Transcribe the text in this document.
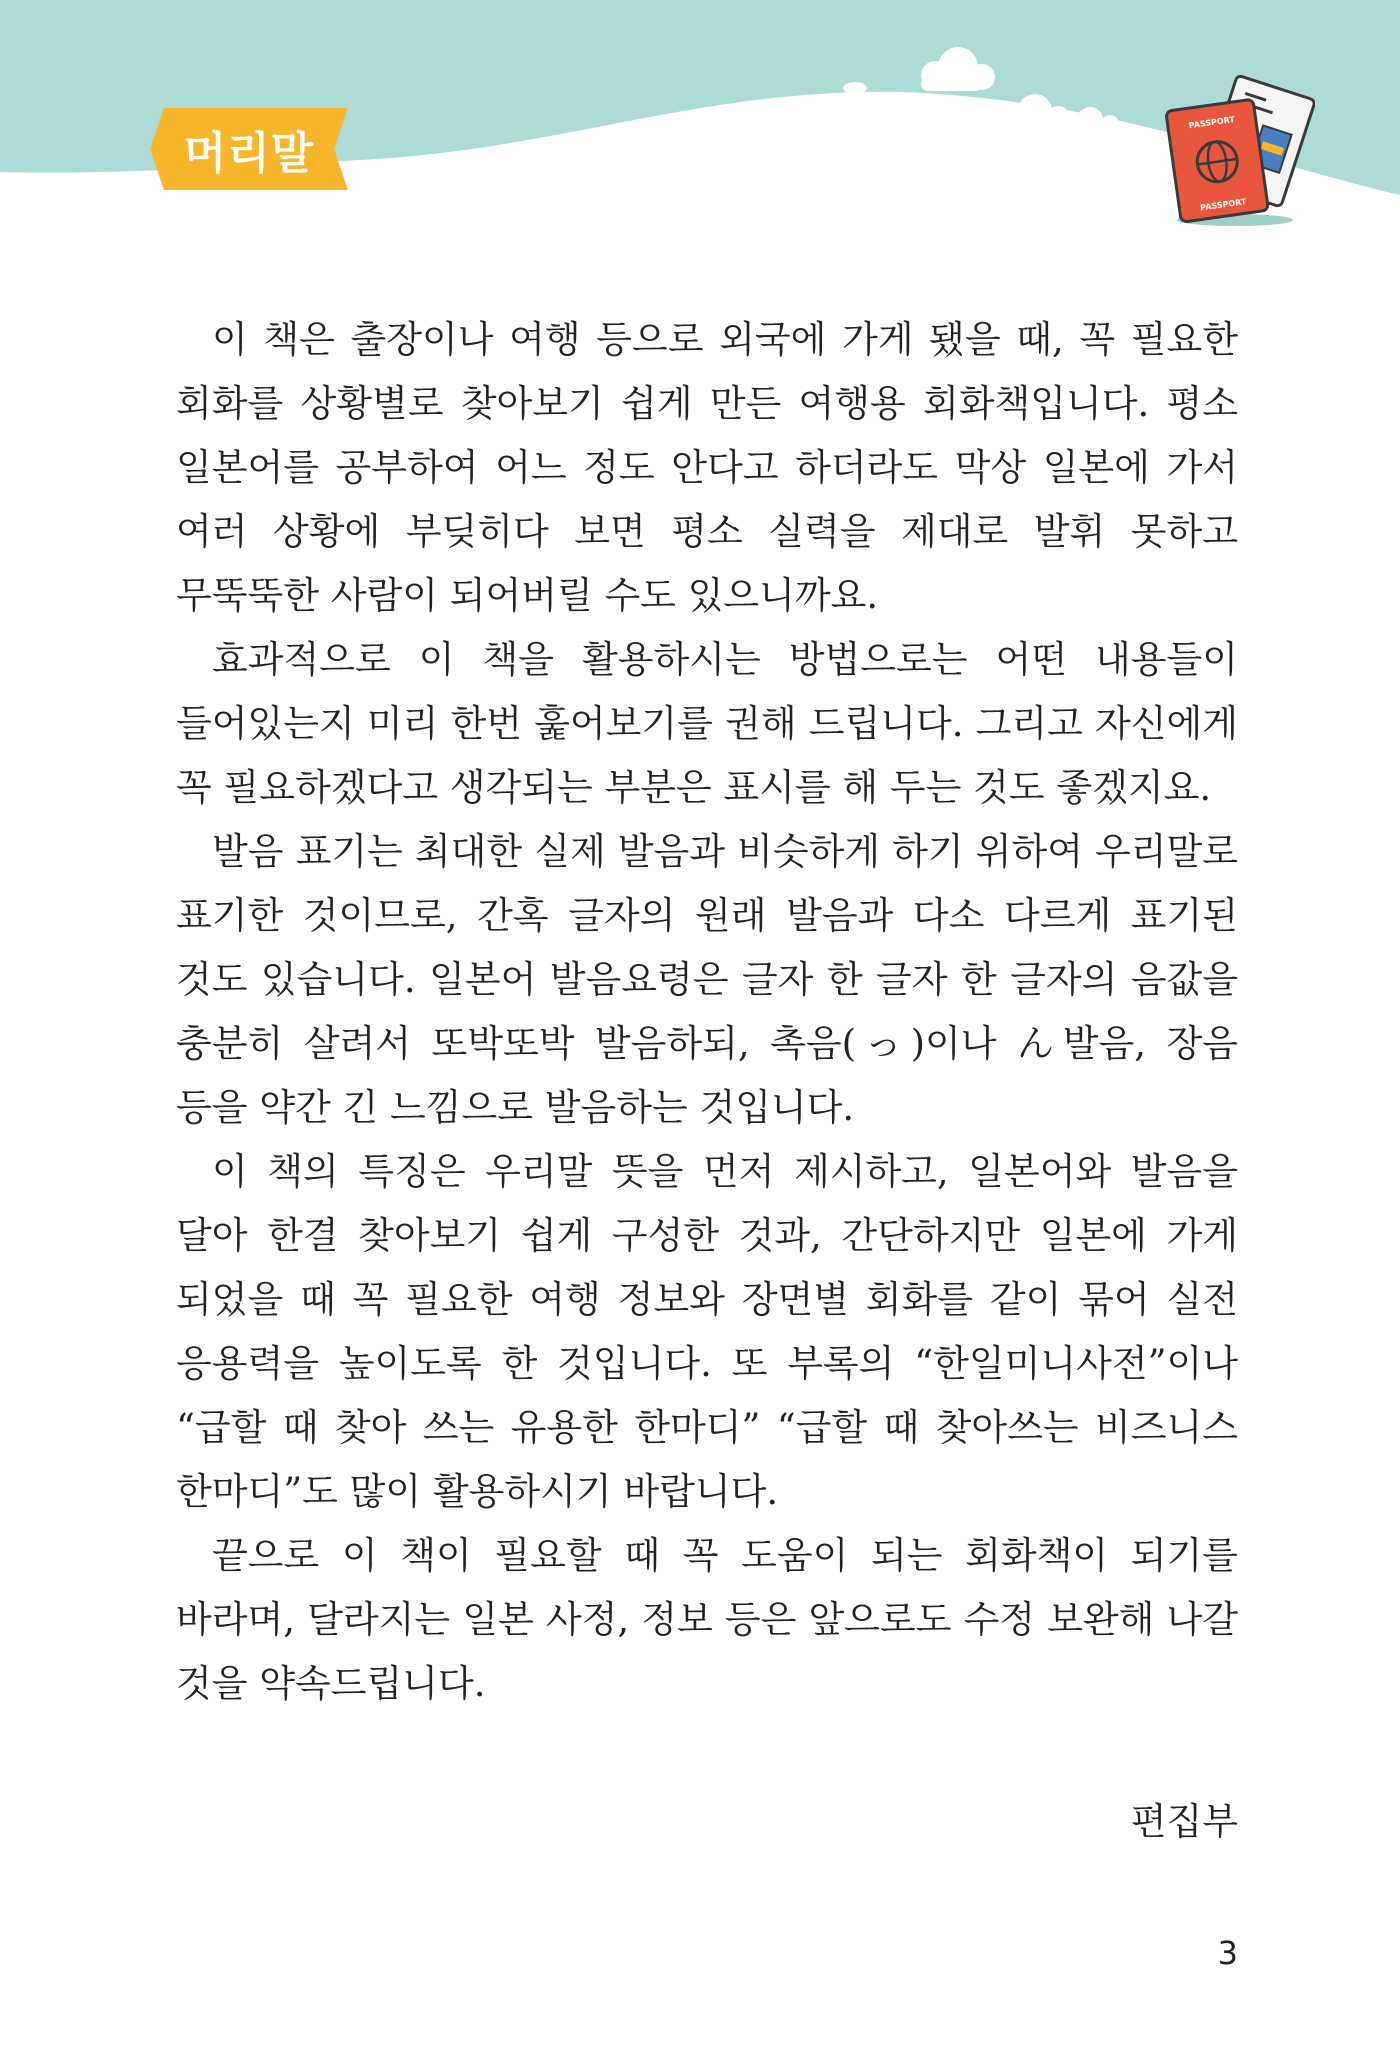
머리말
PASSPORT
PASSPORT

이 책은 출장이나 여행 등으로 외국에 가게 됐을 때, 꼭 필요한 회화를 상황별로 찾아보기 쉽게 만든 여행용 회화책입니다. 평소 일본어를 공부하여 어느 정도 안다고 하더라도 막상 일본에 가서 여러 상황에 부딪히다 보면 평소 실력을 제대로 발휘 못하고 무뚝뚝한 사람이 되어버릴 수도 있으니까요.

효과적으로 이 책을 활용하시는 방법으로는 어떤 내용들이 들어있는지 미리 한번 훑어보기를 권해 드립니다. 그리고 자신에게 꼭 필요하겠다고 생각되는 부분은 표시를 해 두는 것도 좋겠지요.

발음 표기는 최대한 실제 발음과 비슷하게 하기 위하여 우리말로 표기한 것이므로, 간혹 글자의 원래 발음과 다소 다르게 표기된 것도 있습니다. 일본어 발음요령은 글자 한 글자 한 글자의 음값을 충분히 살려서 또박또박 발음하되, 촉음(っ)이나 ん발음, 장음 등을 약간 긴 느낌으로 발음하는 것입니다.

이 책의 특징은 우리말 뜻을 먼저 제시하고, 일본어와 발음을 달아 한결 찾아보기 쉽게 구성한 것과, 간단하지만 일본에 가게 되었을 때 꼭 필요한 여행 정보와 장면별 회화를 같이 묶어 실전 응용력을 높이도록 한 것입니다. 또 부록의 “한일미니사전”이나 “급할 때 찾아 쓰는 유용한 한마디” “급할 때 찾아쓰는 비즈니스 한마디”도 많이 활용하시기 바랍니다.

끝으로 이 책이 필요할 때 꼭 도움이 되는 회화책이 되기를 바라며, 달라지는 일본 사정, 정보 등은 앞으로도 수정 보완해 나갈 것을 약속드립니다.

편집부
3
